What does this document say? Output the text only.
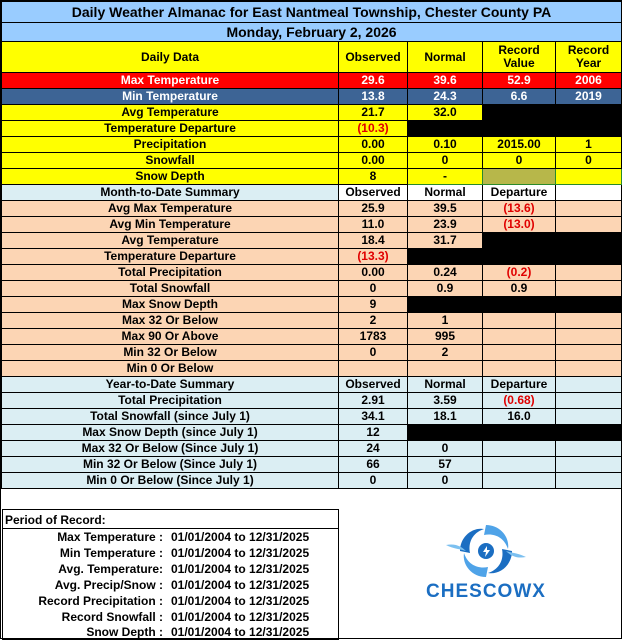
Daily Weather Almanac for East Nantmeal Township, Chester County PA				
Monday, February 2, 2026				
Daily Data	Observed	Normal	Record Value	Record Year
Max Temperature	29.6	39.6	52.9	2006
Min Temperature	13.8	24.3	6.6	2019
Avg Temperature	21.7	32.0		
Temperature Departure	(10.3)			
Precipitation	0.00	0.10	2015.00	1
Snowfall	0.00	0	0	0
Snow Depth	8	-		
Month-to-Date Summary	Observed	Normal	Departure	
Avg Max Temperature	25.9	39.5	(13.6)	
Avg Min Temperature	11.0	23.9	(13.0)	
Avg Temperature	18.4	31.7		
Temperature Departure	(13.3)			
Total Precipitation	0.00	0.24	(0.2)	
Total Snowfall	0	0.9	0.9	
Max Snow Depth	9			
Max 32 Or Below	2	1		
Max 90 Or Above	1783	995		
Min 32 Or Below	0	2		
Min 0 Or Below				
Year-to-Date Summary	Observed	Normal	Departure	
Total Precipitation	2.91	3.59	(0.68)	
Total Snowfall (since July 1)	34.1	18.1	16.0	
Max Snow Depth (since July 1)	12			
Max 32 Or Below (Since July 1)	24	0		
Min 32 Or Below (Since July 1)	66	57		
Min 0 Or Below (Since July 1)	0	0		
Period of Record:
Max Temperature : 01/01/2004 to 12/31/2025
Min Temperature : 01/01/2004 to 12/31/2025
Avg. Temperature: 01/01/2004 to 12/31/2025
Avg. Precip/Snow : 01/01/2004 to 12/31/2025
Record Precipitation : 01/01/2004 to 12/31/2025
Record Snowfall : 01/01/2004 to 12/31/2025
Snow Depth : 01/01/2004 to 12/31/2025
CHESCOWX
